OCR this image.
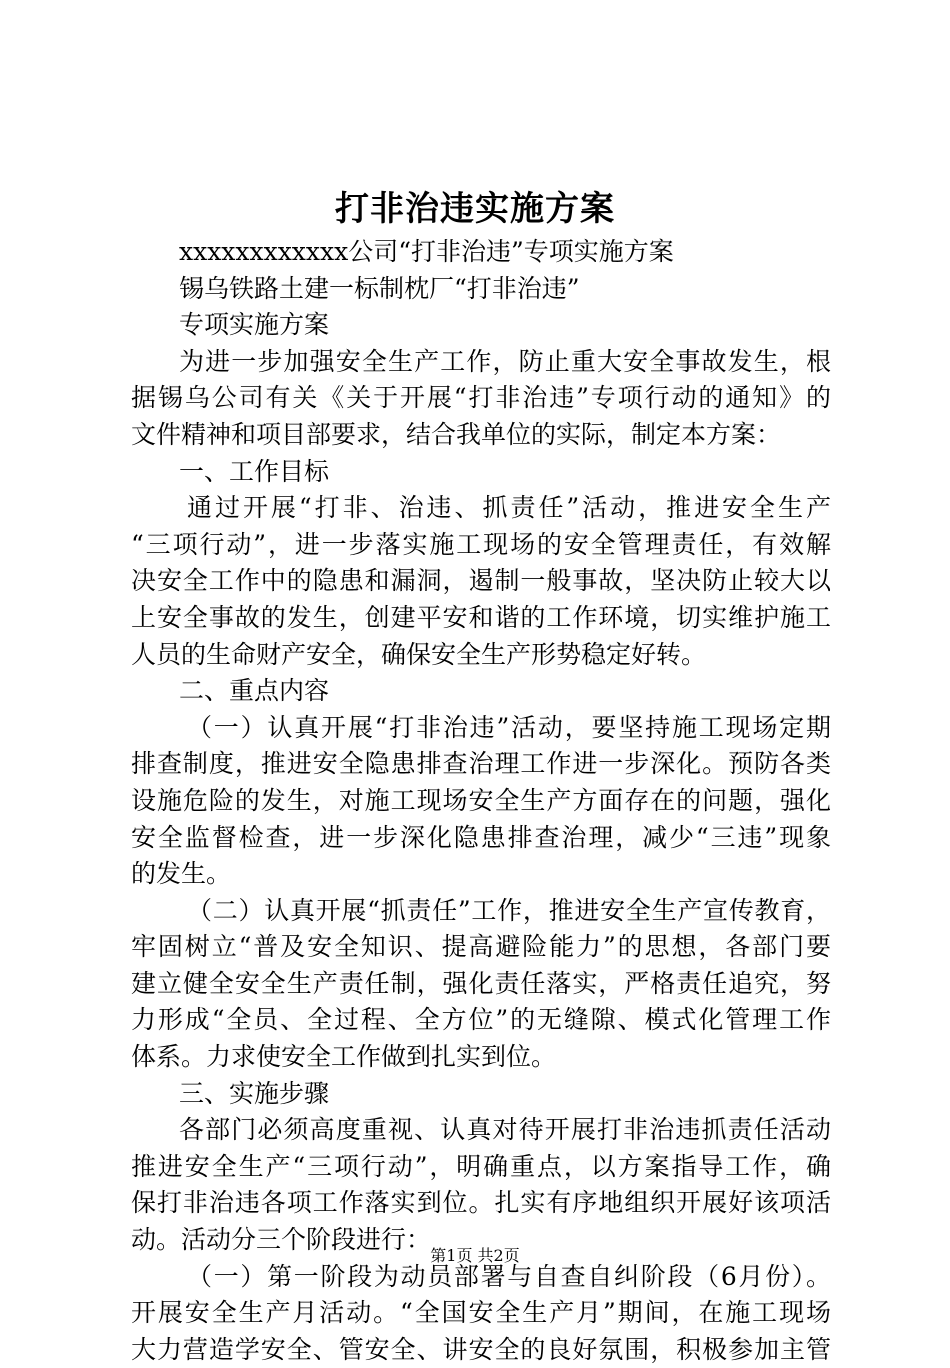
打非治违实施方案
xxxxxxxxxxxx公司“打非治违”专项实施方案
锡乌铁路土建一标制枕厂“打非治违”
专项实施方案
为进一步加强安全生产工作，防止重大安全事故发生，根
据锡乌公司有关《关于开展“打非治违”专项行动的通知》的
文件精神和项目部要求，结合我单位的实际，制定本方案：
一、工作目标
通过开展“打非、治违、抓责任”活动，推进安全生产
“三项行动”，进一步落实施工现场的安全管理责任，有效解
决安全工作中的隐患和漏洞，遏制一般事故，坚决防止较大以
上安全事故的发生，创建平安和谐的工作环境，切实维护施工
人员的生命财产安全，确保安全生产形势稳定好转。
二、重点内容
（一）认真开展“打非治违”活动，要坚持施工现场定期
排查制度，推进安全隐患排查治理工作进一步深化。预防各类
设施危险的发生，对施工现场安全生产方面存在的问题，强化
安全监督检查，进一步深化隐患排查治理，减少“三违”现象
的发生。
（二）认真开展“抓责任”工作，推进安全生产宣传教育，
牢固树立“普及安全知识、提高避险能力”的思想，各部门要
建立健全安全生产责任制，强化责任落实，严格责任追究，努
力形成“全员、全过程、全方位”的无缝隙、模式化管理工作
体系。力求使安全工作做到扎实到位。
三、实施步骤
各部门必须高度重视、认真对待开展打非治违抓责任活动
推进安全生产“三项行动”，明确重点，以方案指导工作，确
保打非治违各项工作落实到位。扎实有序地组织开展好该项活
动。活动分三个阶段进行：
（一）第一阶段为动员部署与自查自纠阶段（6月份）。
开展安全生产月活动。“全国安全生产月”期间，在施工现场
大力营造学安全、管安全、讲安全的良好氛围，积极参加主管
第1页 共2页
